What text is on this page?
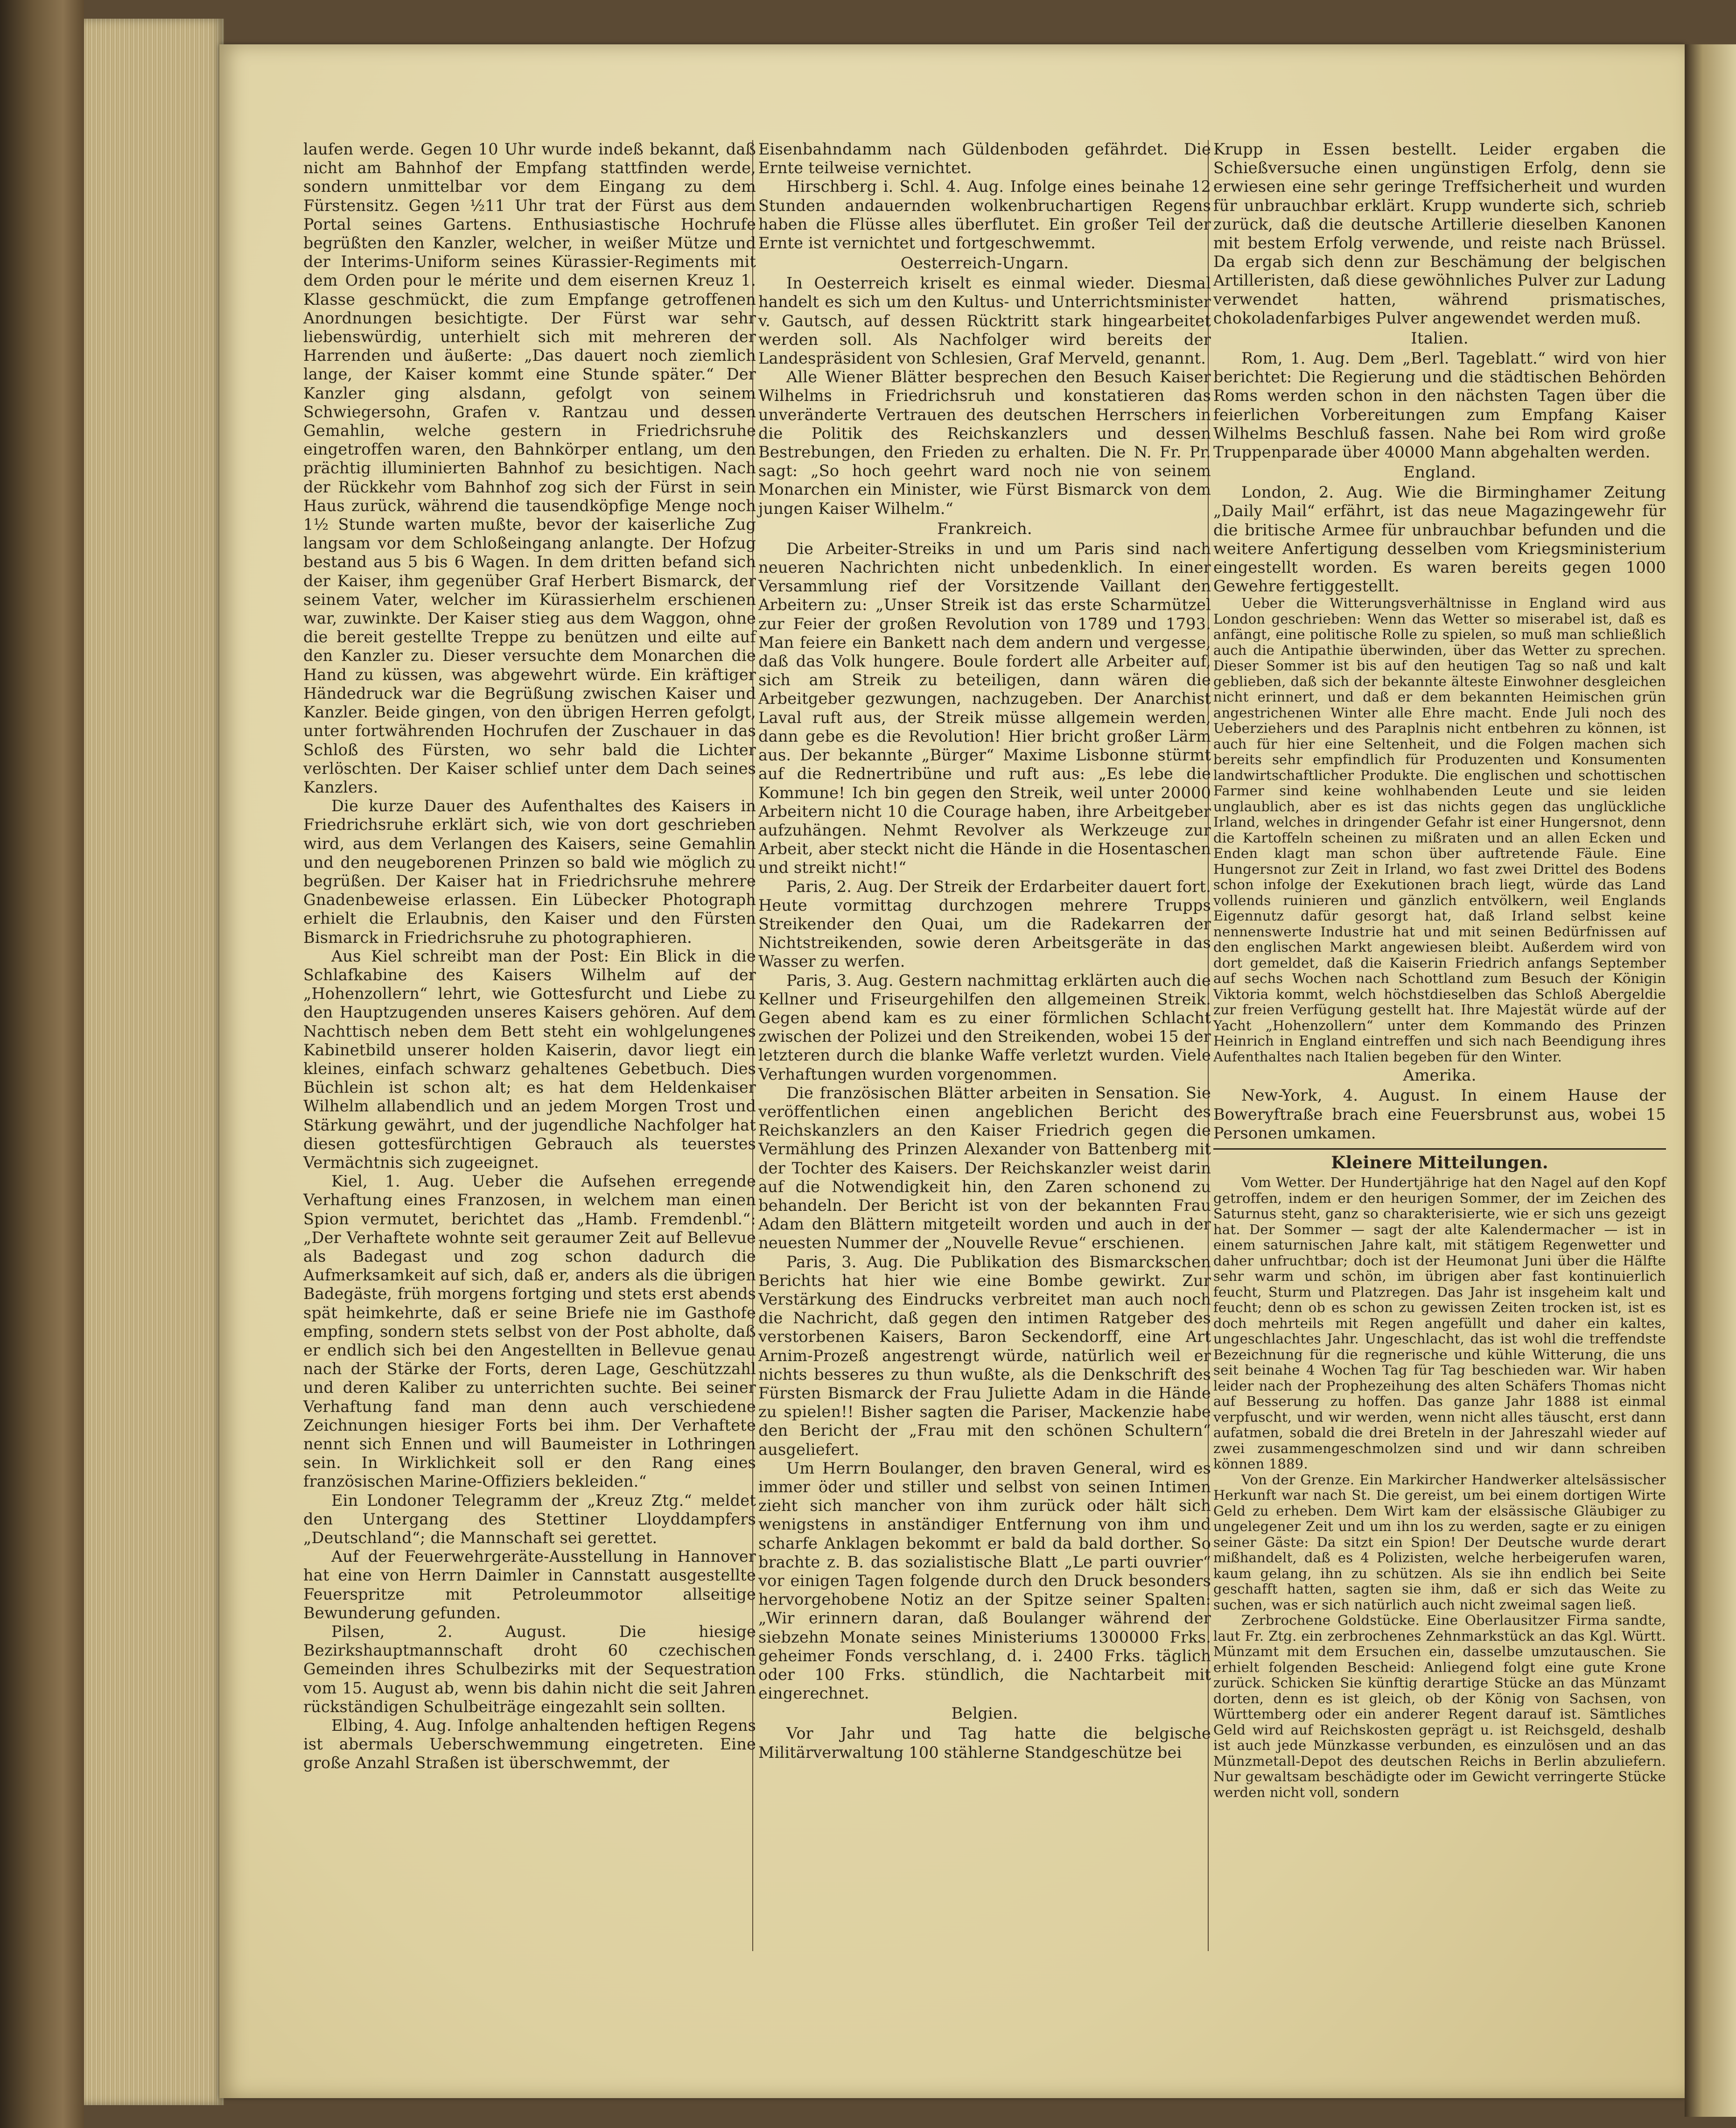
laufen werde. Gegen 10 Uhr wurde indeß bekannt, daß nicht am Bahnhof der Empfang stattfinden werde, sondern unmittelbar vor dem Eingang zu dem Fürstensitz. Gegen ½11 Uhr trat der Fürst aus dem Portal seines Gartens. Enthusiastische Hochrufe begrüßten den Kanzler, welcher, in weißer Mütze und der Interims-Uniform seines Kürassier-Regiments mit dem Orden pour le mérite und dem eisernen Kreuz 1. Klasse geschmückt, die zum Empfange getroffenen Anordnungen besichtigte. Der Fürst war sehr liebenswürdig, unterhielt sich mit mehreren der Harrenden und äußerte: „Das dauert noch ziemlich lange, der Kaiser kommt eine Stunde später.“ Der Kanzler ging alsdann, gefolgt von seinem Schwiegersohn, Grafen v. Rantzau und dessen Gemahlin, welche gestern in Friedrichsruhe eingetroffen waren, den Bahnkörper entlang, um den prächtig illuminierten Bahnhof zu besichtigen. Nach der Rückkehr vom Bahnhof zog sich der Fürst in sein Haus zurück, während die tausendköpfige Menge noch 1½ Stunde warten mußte, bevor der kaiserliche Zug langsam vor dem Schloßeingang anlangte. Der Hofzug bestand aus 5 bis 6 Wagen. In dem dritten befand sich der Kaiser, ihm gegenüber Graf Herbert Bismarck, der seinem Vater, welcher im Kürassierhelm erschienen war, zuwinkte. Der Kaiser stieg aus dem Waggon, ohne die bereit gestellte Treppe zu benützen und eilte auf den Kanzler zu. Dieser versuchte dem Monarchen die Hand zu küssen, was abgewehrt würde. Ein kräftiger Händedruck war die Begrüßung zwischen Kaiser und Kanzler. Beide gingen, von den übrigen Herren gefolgt, unter fortwährenden Hochrufen der Zuschauer in das Schloß des Fürsten, wo sehr bald die Lichter verlöschten. Der Kaiser schlief unter dem Dach seines Kanzlers.

Die kurze Dauer des Aufenthaltes des Kaisers in Friedrichsruhe erklärt sich, wie von dort geschrieben wird, aus dem Verlangen des Kaisers, seine Gemahlin und den neugeborenen Prinzen so bald wie möglich zu begrüßen. Der Kaiser hat in Friedrichsruhe mehrere Gnadenbeweise erlassen. Ein Lübecker Photograph erhielt die Erlaubnis, den Kaiser und den Fürsten Bismarck in Friedrichsruhe zu photographieren.

Aus Kiel schreibt man der Post: Ein Blick in die Schlafkabine des Kaisers Wilhelm auf der „Hohenzollern“ lehrt, wie Gottesfurcht und Liebe zu den Hauptzugenden unseres Kaisers gehören. Auf dem Nachttisch neben dem Bett steht ein wohlgelungenes Kabinetbild unserer holden Kaiserin, davor liegt ein kleines, einfach schwarz gehaltenes Gebetbuch. Dies Büchlein ist schon alt; es hat dem Heldenkaiser Wilhelm allabendlich und an jedem Morgen Trost und Stärkung gewährt, und der jugendliche Nachfolger hat diesen gottesfürchtigen Gebrauch als teuerstes Vermächtnis sich zugeeignet.

Kiel, 1. Aug. Ueber die Aufsehen erregende Verhaftung eines Franzosen, in welchem man einen Spion vermutet, berichtet das „Hamb. Fremdenbl.“: „Der Verhaftete wohnte seit geraumer Zeit auf Bellevue als Badegast und zog schon dadurch die Aufmerksamkeit auf sich, daß er, anders als die übrigen Badegäste, früh morgens fortging und stets erst abends spät heimkehrte, daß er seine Briefe nie im Gasthofe empfing, sondern stets selbst von der Post abholte, daß er endlich sich bei den Angestellten in Bellevue genau nach der Stärke der Forts, deren Lage, Geschützzahl und deren Kaliber zu unterrichten suchte. Bei seiner Verhaftung fand man denn auch verschiedene Zeichnungen hiesiger Forts bei ihm. Der Verhaftete nennt sich Ennen und will Baumeister in Lothringen sein. In Wirklichkeit soll er den Rang eines französischen Marine-Offiziers bekleiden.“

Ein Londoner Telegramm der „Kreuz Ztg.“ meldet den Untergang des Stettiner Lloyddampfers „Deutschland“; die Mannschaft sei gerettet.

Auf der Feuerwehrgeräte-Ausstellung in Hannover hat eine von Herrn Daimler in Cannstatt ausgestellte Feuerspritze mit Petroleummotor allseitige Bewunderung gefunden.

Pilsen, 2. August. Die hiesige Bezirkshauptmannschaft droht 60 czechischen Gemeinden ihres Schulbezirks mit der Sequestration vom 15. August ab, wenn bis dahin nicht die seit Jahren rückständigen Schulbeiträge eingezahlt sein sollten.

Elbing, 4. Aug. Infolge anhaltenden heftigen Regens ist abermals Ueberschwemmung eingetreten. Eine große Anzahl Straßen ist überschwemmt, der

Eisenbahndamm nach Güldenboden gefährdet. Die Ernte teilweise vernichtet.

Hirschberg i. Schl. 4. Aug. Infolge eines beinahe 12 Stunden andauernden wolkenbruchartigen Regens haben die Flüsse alles überflutet. Ein großer Teil der Ernte ist vernichtet und fortgeschwemmt.

Oesterreich-Ungarn.

In Oesterreich kriselt es einmal wieder. Diesmal handelt es sich um den Kultus- und Unterrichtsminister v. Gautsch, auf dessen Rücktritt stark hingearbeitet werden soll. Als Nachfolger wird bereits der Landespräsident von Schlesien, Graf Merveld, genannt.

Alle Wiener Blätter besprechen den Besuch Kaiser Wilhelms in Friedrichsruh und konstatieren das unveränderte Vertrauen des deutschen Herrschers in die Politik des Reichskanzlers und dessen Bestrebungen, den Frieden zu erhalten. Die N. Fr. Pr. sagt: „So hoch geehrt ward noch nie von seinem Monarchen ein Minister, wie Fürst Bismarck von dem jungen Kaiser Wilhelm.“

Frankreich.

Die Arbeiter-Streiks in und um Paris sind nach neueren Nachrichten nicht unbedenklich. In einer Versammlung rief der Vorsitzende Vaillant den Arbeitern zu: „Unser Streik ist das erste Scharmützel zur Feier der großen Revolution von 1789 und 1793. Man feiere ein Bankett nach dem andern und vergesse, daß das Volk hungere. Boule fordert alle Arbeiter auf, sich am Streik zu beteiligen, dann wären die Arbeitgeber gezwungen, nachzugeben. Der Anarchist Laval ruft aus, der Streik müsse allgemein werden, dann gebe es die Revolution! Hier bricht großer Lärm aus. Der bekannte „Bürger“ Maxime Lisbonne stürmt auf die Rednertribüne und ruft aus: „Es lebe die Kommune! Ich bin gegen den Streik, weil unter 20000 Arbeitern nicht 10 die Courage haben, ihre Arbeitgeber aufzuhängen. Nehmt Revolver als Werkzeuge zur Arbeit, aber steckt nicht die Hände in die Hosentaschen und streikt nicht!“

Paris, 2. Aug. Der Streik der Erdarbeiter dauert fort. Heute vormittag durchzogen mehrere Trupps Streikender den Quai, um die Radekarren der Nichtstreikenden, sowie deren Arbeitsgeräte in das Wasser zu werfen.

Paris, 3. Aug. Gestern nachmittag erklärten auch die Kellner und Friseurgehilfen den allgemeinen Streik. Gegen abend kam es zu einer förmlichen Schlacht zwischen der Polizei und den Streikenden, wobei 15 der letzteren durch die blanke Waffe verletzt wurden. Viele Verhaftungen wurden vorgenommen.

Die französischen Blätter arbeiten in Sensation. Sie veröffentlichen einen angeblichen Bericht des Reichskanzlers an den Kaiser Friedrich gegen die Vermählung des Prinzen Alexander von Battenberg mit der Tochter des Kaisers. Der Reichskanzler weist darin auf die Notwendigkeit hin, den Zaren schonend zu behandeln. Der Bericht ist von der bekannten Frau Adam den Blättern mitgeteilt worden und auch in der neuesten Nummer der „Nouvelle Revue“ erschienen.

Paris, 3. Aug. Die Publikation des Bismarckschen Berichts hat hier wie eine Bombe gewirkt. Zur Verstärkung des Eindrucks verbreitet man auch noch die Nachricht, daß gegen den intimen Ratgeber des verstorbenen Kaisers, Baron Seckendorff, eine Art Arnim-Prozeß angestrengt würde, natürlich weil er nichts besseres zu thun wußte, als die Denkschrift des Fürsten Bismarck der Frau Juliette Adam in die Hände zu spielen!! Bisher sagten die Pariser, Mackenzie habe den Bericht der „Frau mit den schönen Schultern“ ausgeliefert.

Um Herrn Boulanger, den braven General, wird es immer öder und stiller und selbst von seinen Intimen zieht sich mancher von ihm zurück oder hält sich wenigstens in anständiger Entfernung von ihm und scharfe Anklagen bekommt er bald da bald dorther. So brachte z. B. das sozialistische Blatt „Le parti ouvrier“ vor einigen Tagen folgende durch den Druck besonders hervorgehobene Notiz an der Spitze seiner Spalten: „Wir erinnern daran, daß Boulanger während der siebzehn Monate seines Ministeriums 1300000 Frks. geheimer Fonds verschlang, d. i. 2400 Frks. täglich oder 100 Frks. stündlich, die Nachtarbeit mit eingerechnet.

Belgien.

Vor Jahr und Tag hatte die belgische Militärverwaltung 100 stählerne Standgeschütze bei

Krupp in Essen bestellt. Leider ergaben die Schießversuche einen ungünstigen Erfolg, denn sie erwiesen eine sehr geringe Treffsicherheit und wurden für unbrauchbar erklärt. Krupp wunderte sich, schrieb zurück, daß die deutsche Artillerie dieselben Kanonen mit bestem Erfolg verwende, und reiste nach Brüssel. Da ergab sich denn zur Beschämung der belgischen Artilleristen, daß diese gewöhnliches Pulver zur Ladung verwendet hatten, während prismatisches, chokoladenfarbiges Pulver angewendet werden muß.

Italien.

Rom, 1. Aug. Dem „Berl. Tageblatt.“ wird von hier berichtet: Die Regierung und die städtischen Behörden Roms werden schon in den nächsten Tagen über die feierlichen Vorbereitungen zum Empfang Kaiser Wilhelms Beschluß fassen. Nahe bei Rom wird große Truppenparade über 40000 Mann abgehalten werden.

England.

London, 2. Aug. Wie die Birminghamer Zeitung „Daily Mail“ erfährt, ist das neue Magazingewehr für die britische Armee für unbrauchbar befunden und die weitere Anfertigung desselben vom Kriegsministerium eingestellt worden. Es waren bereits gegen 1000 Gewehre fertiggestellt.

Ueber die Witterungsverhältnisse in England wird aus London geschrieben: Wenn das Wetter so miserabel ist, daß es anfängt, eine politische Rolle zu spielen, so muß man schließlich auch die Antipathie überwinden, über das Wetter zu sprechen. Dieser Sommer ist bis auf den heutigen Tag so naß und kalt geblieben, daß sich der bekannte älteste Einwohner desgleichen nicht erinnert, und daß er dem bekannten Heimischen grün angestrichenen Winter alle Ehre macht. Ende Juli noch des Ueberziehers und des Paraplnis nicht entbehren zu können, ist auch für hier eine Seltenheit, und die Folgen machen sich bereits sehr empfindlich für Produzenten und Konsumenten landwirtschaftlicher Produkte. Die englischen und schottischen Farmer sind keine wohlhabenden Leute und sie leiden unglaublich, aber es ist das nichts gegen das unglückliche Irland, welches in dringender Gefahr ist einer Hungersnot, denn die Kartoffeln scheinen zu mißraten und an allen Ecken und Enden klagt man schon über auftretende Fäule. Eine Hungersnot zur Zeit in Irland, wo fast zwei Drittel des Bodens schon infolge der Exekutionen brach liegt, würde das Land vollends ruinieren und gänzlich entvölkern, weil Englands Eigennutz dafür gesorgt hat, daß Irland selbst keine nennenswerte Industrie hat und mit seinen Bedürfnissen auf den englischen Markt angewiesen bleibt. Außerdem wird von dort gemeldet, daß die Kaiserin Friedrich anfangs September auf sechs Wochen nach Schottland zum Besuch der Königin Viktoria kommt, welch höchstdieselben das Schloß Abergeldie zur freien Verfügung gestellt hat. Ihre Majestät würde auf der Yacht „Hohenzollern“ unter dem Kommando des Prinzen Heinrich in England eintreffen und sich nach Beendigung ihres Aufenthaltes nach Italien begeben für den Winter.

Amerika.

New-York, 4. August. In einem Hause der Boweryftraße brach eine Feuersbrunst aus, wobei 15 Personen umkamen.

Kleinere Mitteilungen.

Vom Wetter. Der Hundertjährige hat den Nagel auf den Kopf getroffen, indem er den heurigen Sommer, der im Zeichen des Saturnus steht, ganz so charakterisierte, wie er sich uns gezeigt hat. Der Sommer — sagt der alte Kalendermacher — ist in einem saturnischen Jahre kalt, mit stätigem Regenwetter und daher unfruchtbar; doch ist der Heumonat Juni über die Hälfte sehr warm und schön, im übrigen aber fast kontinuierlich feucht, Sturm und Platzregen. Das Jahr ist insgeheim kalt und feucht; denn ob es schon zu gewissen Zeiten trocken ist, ist es doch mehrteils mit Regen angefüllt und daher ein kaltes, ungeschlachtes Jahr. Ungeschlacht, das ist wohl die treffendste Bezeichnung für die regnerische und kühle Witterung, die uns seit beinahe 4 Wochen Tag für Tag beschieden war. Wir haben leider nach der Prophezeihung des alten Schäfers Thomas nicht auf Besserung zu hoffen. Das ganze Jahr 1888 ist einmal verpfuscht, und wir werden, wenn nicht alles täuscht, erst dann aufatmen, sobald die drei Breteln in der Jahreszahl wieder auf zwei zusammengeschmolzen sind und wir dann schreiben können 1889.

Von der Grenze. Ein Markircher Handwerker altelsässischer Herkunft war nach St. Die gereist, um bei einem dortigen Wirte Geld zu erheben. Dem Wirt kam der elsässische Gläubiger zu ungelegener Zeit und um ihn los zu werden, sagte er zu einigen seiner Gäste: Da sitzt ein Spion! Der Deutsche wurde derart mißhandelt, daß es 4 Polizisten, welche herbeigerufen waren, kaum gelang, ihn zu schützen. Als sie ihn endlich bei Seite geschafft hatten, sagten sie ihm, daß er sich das Weite zu suchen, was er sich natürlich auch nicht zweimal sagen ließ.

Zerbrochene Goldstücke. Eine Oberlausitzer Firma sandte, laut Fr. Ztg. ein zerbrochenes Zehnmarkstück an das Kgl. Württ. Münzamt mit dem Ersuchen ein, dasselbe umzutauschen. Sie erhielt folgenden Bescheid: Anliegend folgt eine gute Krone zurück. Schicken Sie künftig derartige Stücke an das Münzamt dorten, denn es ist gleich, ob der König von Sachsen, von Württemberg oder ein anderer Regent darauf ist. Sämtliches Geld wird auf Reichskosten geprägt u. ist Reichsgeld, deshalb ist auch jede Münzkasse verbunden, es einzulösen und an das Münzmetall-Depot des deutschen Reichs in Berlin abzuliefern. Nur gewaltsam beschädigte oder im Gewicht verringerte Stücke werden nicht voll, sondern
